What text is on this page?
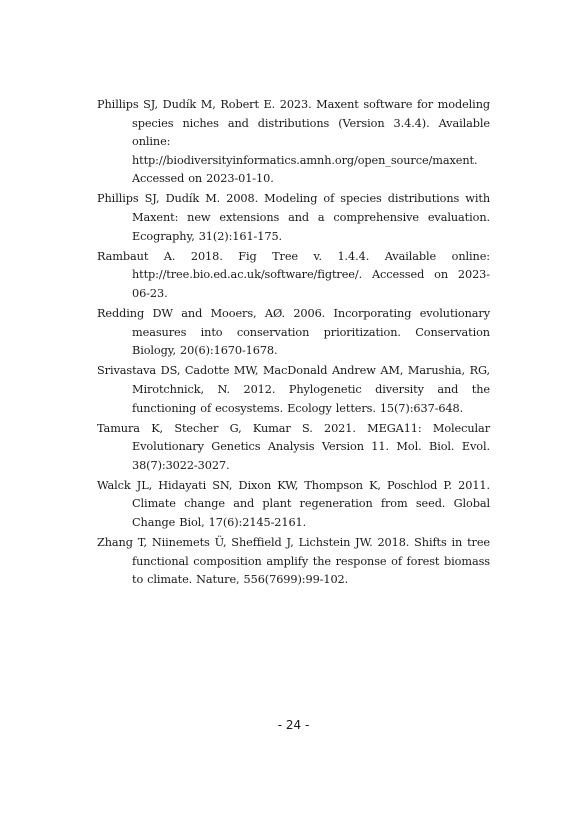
Phillips SJ, Dudík M, Robert E. 2023. Maxent software for modeling species niches and distributions (Version 3.4.4). Available online: http://biodiversityinformatics.amnh.org/open_source/maxent. Accessed on 2023-01-10.

Phillips SJ, Dudík M. 2008. Modeling of species distributions with Maxent: new extensions and a comprehensive evaluation. Ecography, 31(2):161-175.

Rambaut A. 2018. Fig Tree v. 1.4.4. Available online: http://tree.bio.ed.ac.uk/software/figtree/. Accessed on 2023-06-23.

Redding DW and Mooers, AØ. 2006. Incorporating evolutionary measures into conservation prioritization. Conservation Biology, 20(6):1670-1678.

Srivastava DS, Cadotte MW, MacDonald Andrew AM, Marushia, RG, Mirotchnick, N. 2012. Phylogenetic diversity and the functioning of ecosystems. Ecology letters. 15(7):637-648.

Tamura K, Stecher G, Kumar S. 2021. MEGA11: Molecular Evolutionary Genetics Analysis Version 11. Mol. Biol. Evol. 38(7):3022-3027.

Walck JL, Hidayati SN, Dixon KW, Thompson K, Poschlod P. 2011. Climate change and plant regeneration from seed. Global Change Biol, 17(6):2145-2161.

Zhang T, Niinemets Ü, Sheffield J, Lichstein JW. 2018. Shifts in tree functional composition amplify the response of forest biomass to climate. Nature, 556(7699):99-102.

- 24 -
